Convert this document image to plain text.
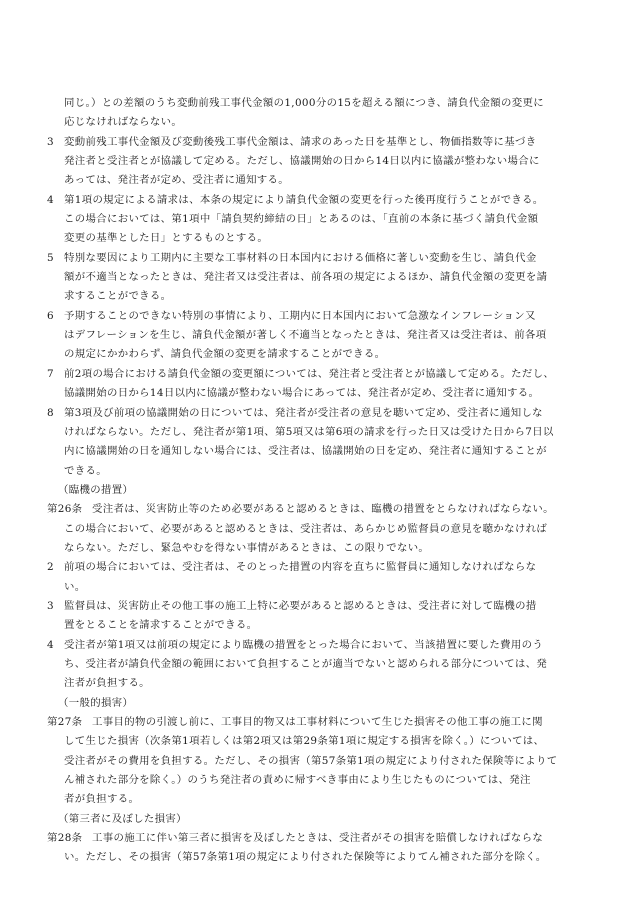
同じ。）との差額のうち変動前残工事代金額の1,000分の15を超える額につき、請負代金額の変更に
応じなければならない。
3 変動前残工事代金額及び変動後残工事代金額は、請求のあった日を基準とし、物価指数等に基づき
発注者と受注者とが協議して定める。ただし、協議開始の日から14日以内に協議が整わない場合に
あっては、発注者が定め、受注者に通知する。
4 第1項の規定による請求は、本条の規定により請負代金額の変更を行った後再度行うことができる。
この場合においては、第1項中「請負契約締結の日」とあるのは、「直前の本条に基づく請負代金額
変更の基準とした日」とするものとする。
5 特別な要因により工期内に主要な工事材料の日本国内における価格に著しい変動を生じ、請負代金
額が不適当となったときは、発注者又は受注者は、前各項の規定によるほか、請負代金額の変更を請
求することができる。
6 予期することのできない特別の事情により、工期内に日本国内において急激なインフレーション又
はデフレーションを生じ、請負代金額が著しく不適当となったときは、発注者又は受注者は、前各項
の規定にかかわらず、請負代金額の変更を請求することができる。
7 前2項の場合における請負代金額の変更額については、発注者と受注者とが協議して定める。ただし、
協議開始の日から14日以内に協議が整わない場合にあっては、発注者が定め、受注者に通知する。
8 第3項及び前項の協議開始の日については、発注者が受注者の意見を聴いて定め、受注者に通知しな
ければならない。ただし、発注者が第1項、第5項又は第6項の請求を行った日又は受けた日から7日以
内に協議開始の日を通知しない場合には、受注者は、協議開始の日を定め、発注者に通知することが
できる。
（臨機の措置）
第26条 受注者は、災害防止等のため必要があると認めるときは、臨機の措置をとらなければならない。
この場合において、必要があると認めるときは、受注者は、あらかじめ監督員の意見を聴かなければ
ならない。ただし、緊急やむを得ない事情があるときは、この限りでない。
2 前項の場合においては、受注者は、そのとった措置の内容を直ちに監督員に通知しなければならな
い。
3 監督員は、災害防止その他工事の施工上特に必要があると認めるときは、受注者に対して臨機の措
置をとることを請求することができる。
4 受注者が第1項又は前項の規定により臨機の措置をとった場合において、当該措置に要した費用のう
ち、受注者が請負代金額の範囲において負担することが適当でないと認められる部分については、発
注者が負担する。
（一般的損害）
第27条 工事目的物の引渡し前に、工事目的物又は工事材料について生じた損害その他工事の施工に関
して生じた損害（次条第1項若しくは第2項又は第29条第1項に規定する損害を除く。）については、
受注者がその費用を負担する。ただし、その損害（第57条第1項の規定により付された保険等によりて
ん補された部分を除く。）のうち発注者の責めに帰すべき事由により生じたものについては、発注
者が負担する。
（第三者に及ぼした損害）
第28条 工事の施工に伴い第三者に損害を及ぼしたときは、受注者がその損害を賠償しなければならな
い。ただし、その損害（第57条第1項の規定により付された保険等によりてん補された部分を除く。
